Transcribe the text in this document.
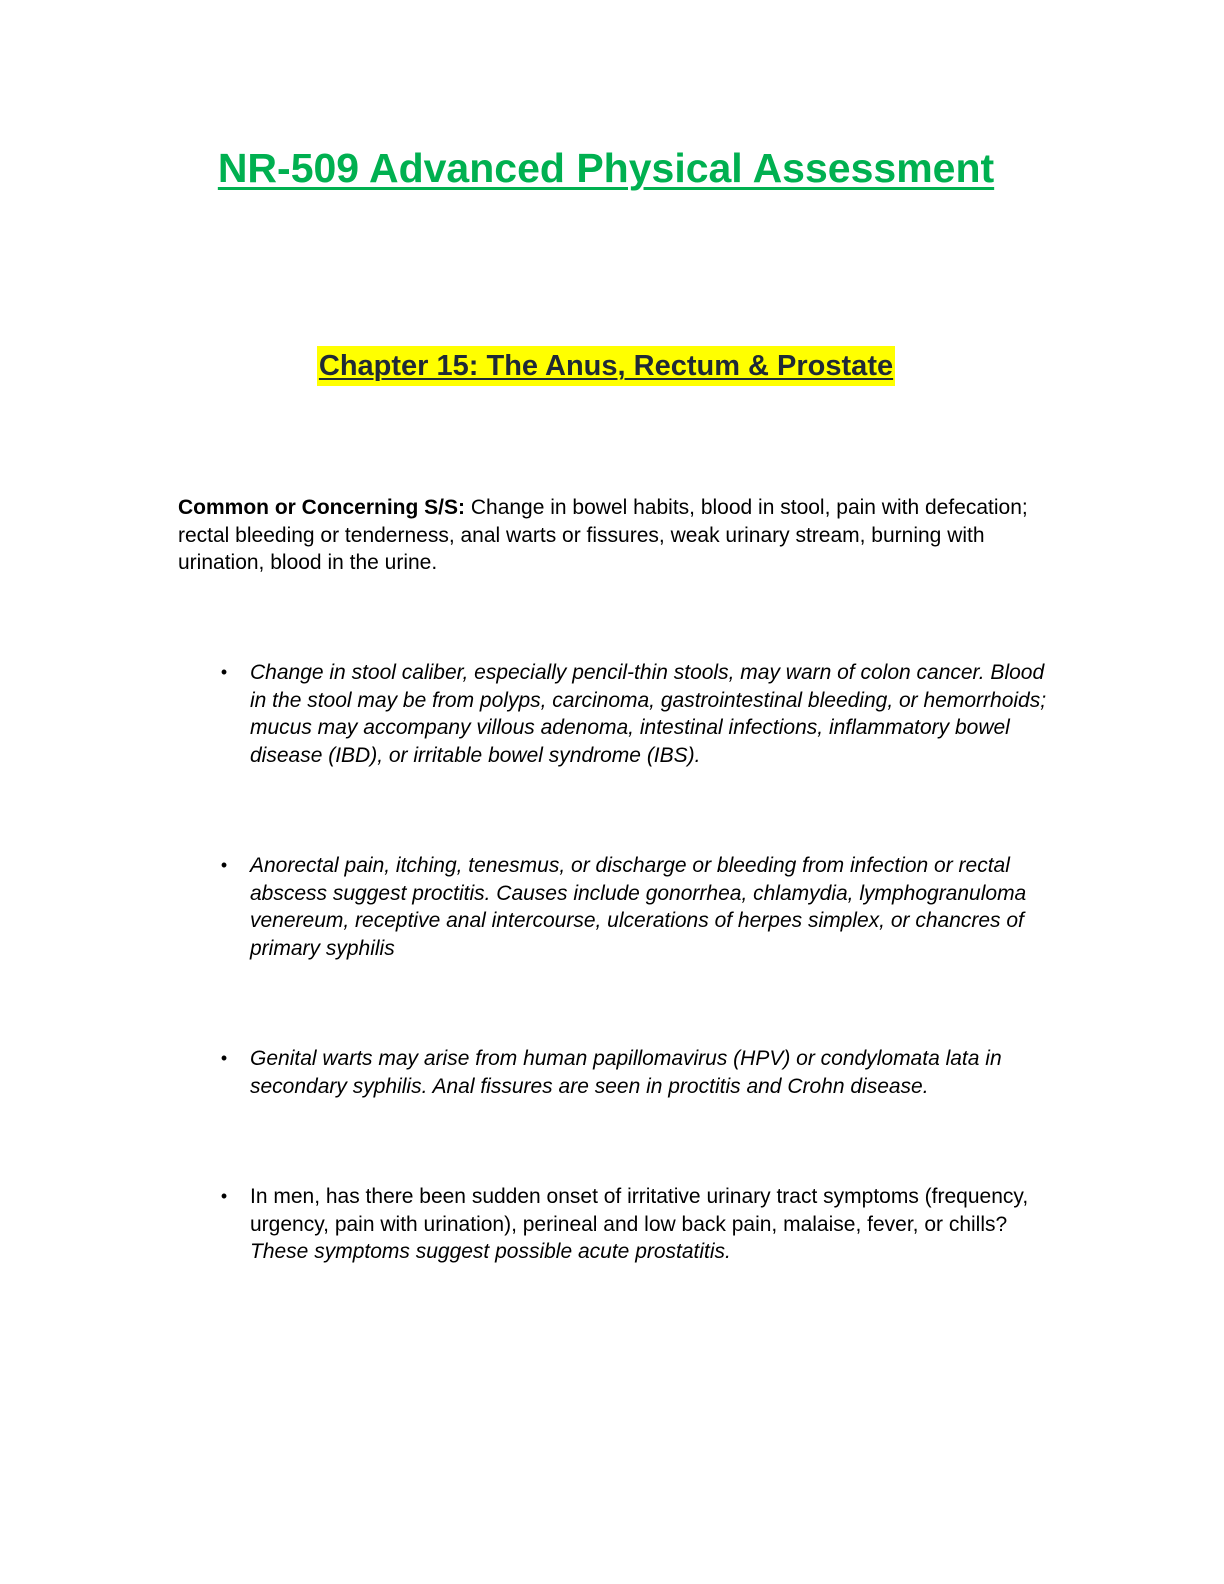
NR-509 Advanced Physical Assessment
Chapter 15: The Anus, Rectum & Prostate

Common or Concerning S/S: Change in bowel habits, blood in stool, pain with defecation; rectal bleeding or tenderness, anal warts or fissures, weak urinary stream, burning with urination, blood in the urine.

•	Change in stool caliber, especially pencil-thin stools, may warn of colon cancer. Blood in the stool may be from polyps, carcinoma, gastrointestinal bleeding, or hemorrhoids; mucus may accompany villous adenoma, intestinal infections, inflammatory bowel disease (IBD), or irritable bowel syndrome (IBS).
•	Anorectal pain, itching, tenesmus, or discharge or bleeding from infection or rectal abscess suggest proctitis. Causes include gonorrhea, chlamydia, lymphogranuloma venereum, receptive anal intercourse, ulcerations of herpes simplex, or chancres of primary syphilis
•	Genital warts may arise from human papillomavirus (HPV) or condylomata lata in secondary syphilis. Anal fissures are seen in proctitis and Crohn disease.
•	In men, has there been sudden onset of irritative urinary tract symptoms (frequency, urgency, pain with urination), perineal and low back pain, malaise, fever, or chills? These symptoms suggest possible acute prostatitis.
